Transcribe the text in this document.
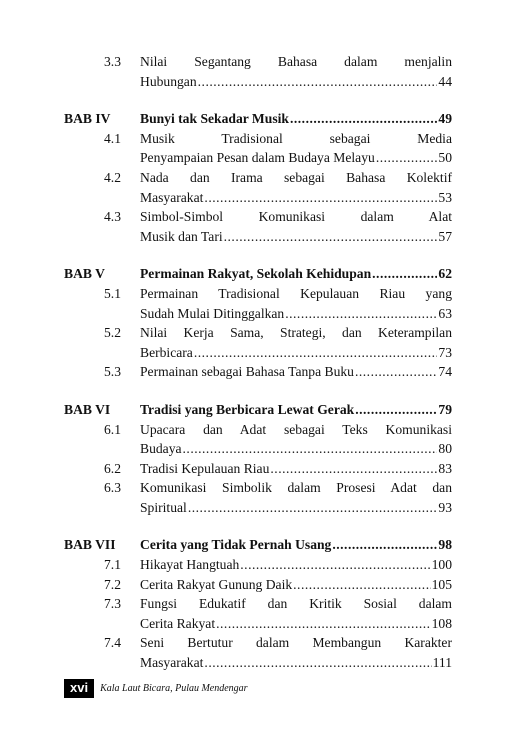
3.3 Nilai Segantang Bahasa dalam menjalin
Hubungan .....	44
BAB IV Bunyi tak Sekadar Musik .....	49
4.1 Musik Tradisional sebagai Media
Penyampaian Pesan dalam Budaya Melayu .....	50
4.2 Nada dan Irama sebagai Bahasa Kolektif
Masyarakat .....	53
4.3 Simbol-Simbol Komunikasi dalam Alat
Musik dan Tari .....	57
BAB V	Permainan Rakyat, Sekolah Kehidupan .....	62
5.1 Permainan Tradisional Kepulauan Riau yang
Sudah Mulai Ditinggalkan .....	63
5.2 Nilai Kerja Sama, Strategi, dan Keterampilan
Berbicara .....	73
5.3 Permainan sebagai Bahasa Tanpa Buku .....	74
BAB VI Tradisi yang Berbicara Lewat Gerak .....	79
6.1 Upacara dan Adat sebagai Teks Komunikasi
Budaya .....	80
6.2 Tradisi Kepulauan Riau .....	83
6.3 Komunikasi Simbolik dalam Prosesi Adat dan
Spiritual .....	93
BAB VII Cerita yang Tidak Pernah Usang .....	98
7.1 Hikayat Hangtuah .....	100
7.2 Cerita Rakyat Gunung Daik .....	105
7.3 Fungsi Edukatif dan Kritik Sosial dalam
Cerita Rakyat .....	108
7.4 Seni Bertutur dalam Membangun Karakter
Masyarakat .....	111
xvi	Kala Laut Bicara, Pulau Mendengar
